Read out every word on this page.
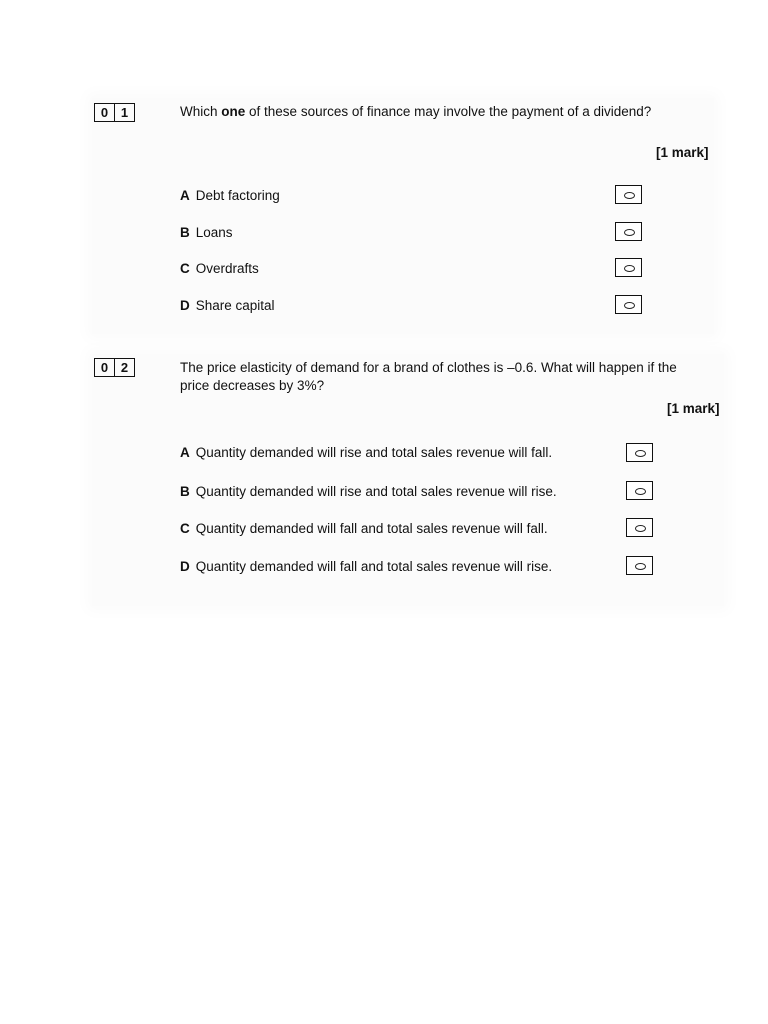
0 1	Which one of these sources of finance may involve the payment of a dividend?
[1 mark]
A Debt factoring
B Loans
C Overdrafts
D Share capital
0 2	The price elasticity of demand for a brand of clothes is –0.6. What will happen if the
price decreases by 3%?
[1 mark]
A Quantity demanded will rise and total sales revenue will fall.
B Quantity demanded will rise and total sales revenue will rise.
C Quantity demanded will fall and total sales revenue will fall.
D Quantity demanded will fall and total sales revenue will rise.
